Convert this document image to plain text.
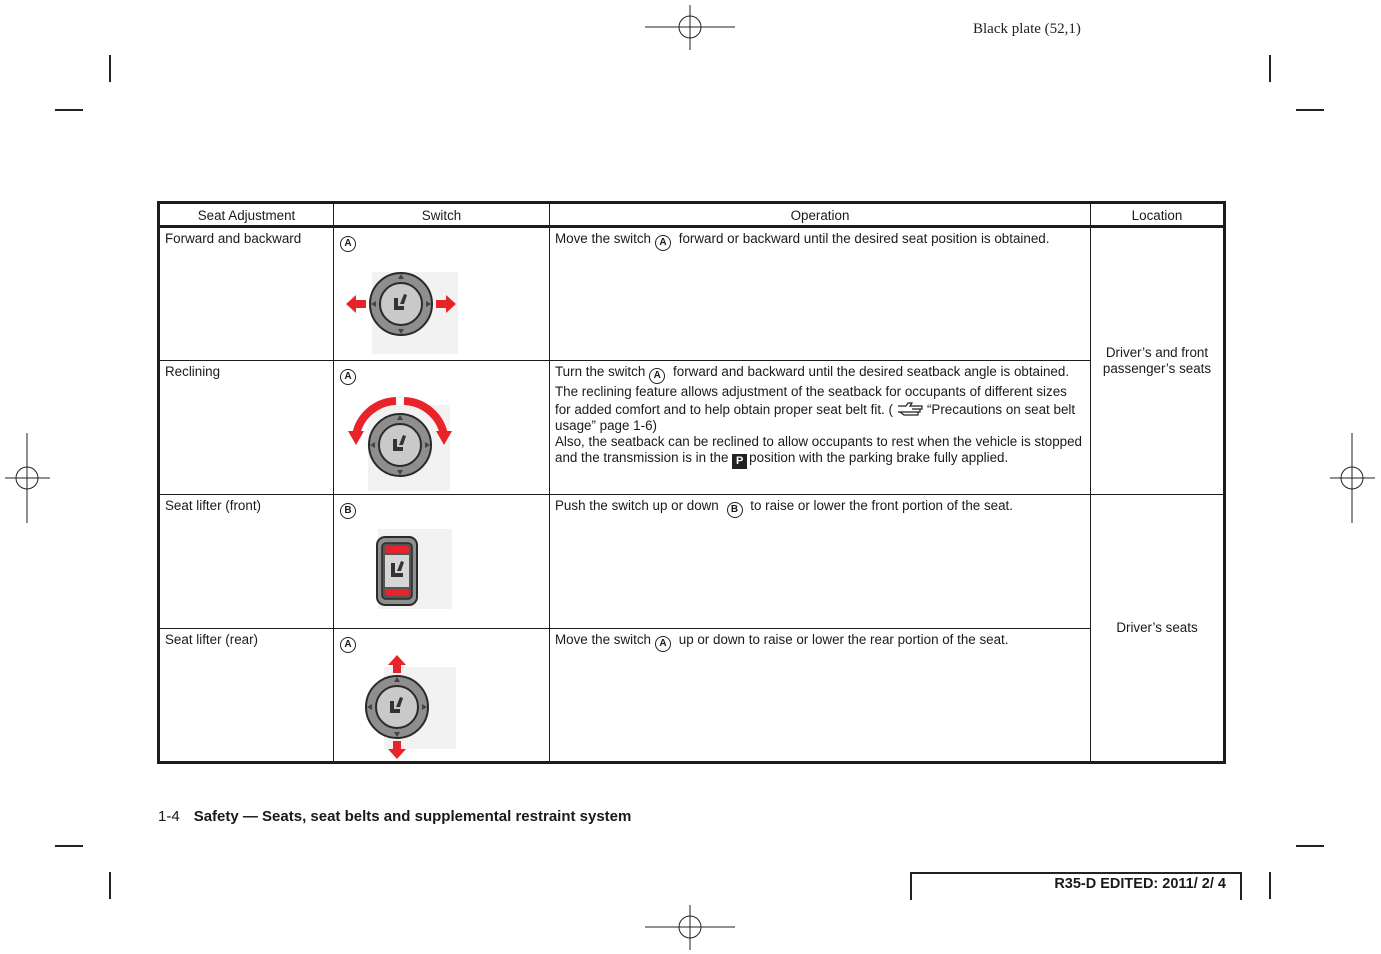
Black plate (52,1)
Seat Adjustment	Switch	Operation	Location
Forward and backward	A	Move the switch A forward or backward until the desired seat position is obtained.	Driver’s and front passenger’s seats
Reclining	A	Turn the switch A forward and backward until the desired seatback angle is obtained.
The reclining feature allows adjustment of the seatback for occupants of different sizes for added comfort and to help obtain proper seat belt fit. ( “Precautions on seat belt usage” page 1-6)
Also, the seatback can be reclined to allow occupants to rest when the vehicle is stopped and the transmission is in the P position with the parking brake fully applied.	
Seat lifter (front)	B	Push the switch up or down B to raise or lower the front portion of the seat.	Driver’s seats
Seat lifter (rear)	A	Move the switch A up or down to raise or lower the rear portion of the seat.	
1-4 Safety — Seats, seat belts and supplemental restraint system
R35-D EDITED: 2011/ 2/ 4
